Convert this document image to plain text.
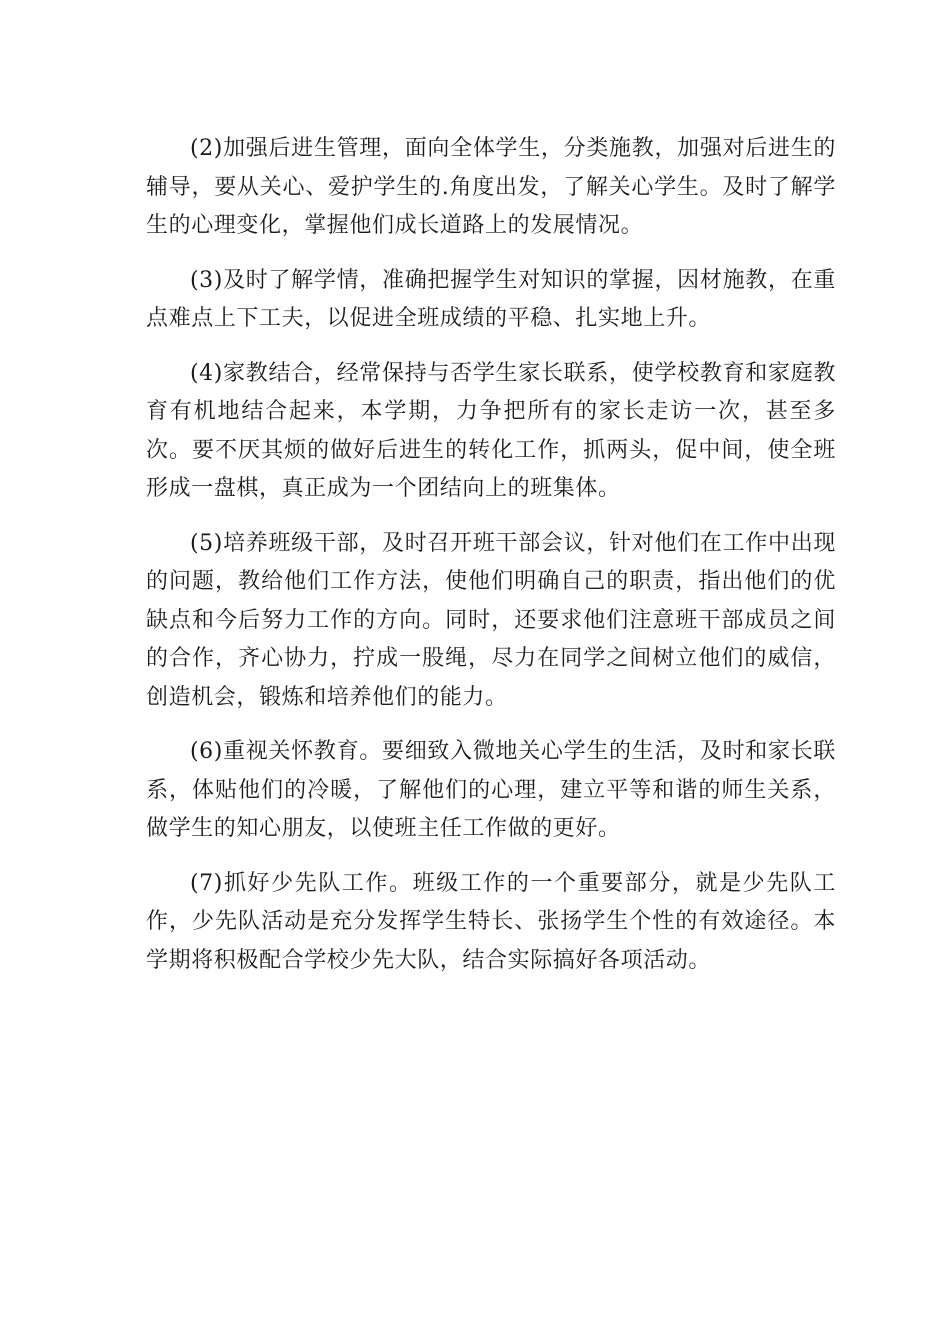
(2)加强后进生管理，面向全体学生，分类施教，加强对后进生的辅导，要从关心、爱护学生的.角度出发，了解关心学生。及时了解学生的心理变化，掌握他们成长道路上的发展情况。

(3)及时了解学情，准确把握学生对知识的掌握，因材施教，在重点难点上下工夫，以促进全班成绩的平稳、扎实地上升。

(4)家教结合，经常保持与否学生家长联系，使学校教育和家庭教育有机地结合起来，本学期，力争把所有的家长走访一次，甚至多次。要不厌其烦的做好后进生的转化工作，抓两头，促中间，使全班形成一盘棋，真正成为一个团结向上的班集体。

(5)培养班级干部，及时召开班干部会议，针对他们在工作中出现的问题，教给他们工作方法，使他们明确自己的职责，指出他们的优缺点和今后努力工作的方向。同时，还要求他们注意班干部成员之间的合作，齐心协力，拧成一股绳，尽力在同学之间树立他们的威信，创造机会，锻炼和培养他们的能力。

(6)重视关怀教育。要细致入微地关心学生的生活，及时和家长联系，体贴他们的冷暖，了解他们的心理，建立平等和谐的师生关系，做学生的知心朋友，以使班主任工作做的更好。

(7)抓好少先队工作。班级工作的一个重要部分，就是少先队工作，少先队活动是充分发挥学生特长、张扬学生个性的有效途径。本学期将积极配合学校少先大队，结合实际搞好各项活动。
